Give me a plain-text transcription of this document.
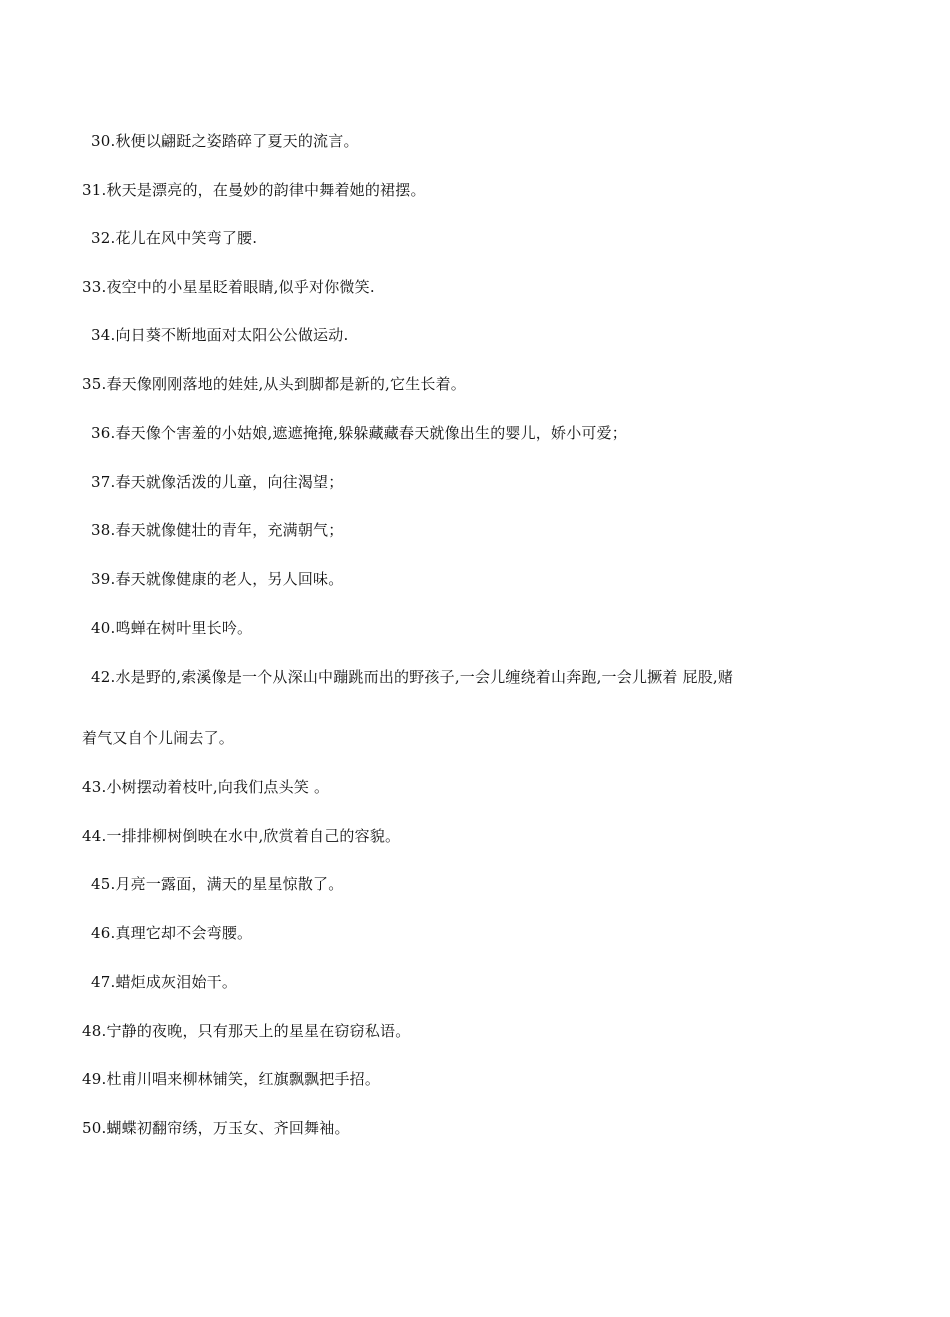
30.秋便以翩跹之姿踏碎了夏天的流言。
31.秋天是漂亮的，在曼妙的韵律中舞着她的裙摆。
32.花儿在风中笑弯了腰.
33.夜空中的小星星眨着眼睛,似乎对你微笑.
34.向日葵不断地面对太阳公公做运动.
35.春天像刚刚落地的娃娃,从头到脚都是新的,它生长着。
36.春天像个害羞的小姑娘,遮遮掩掩,躲躲藏藏春天就像出生的婴儿，娇小可爱；
37.春天就像活泼的儿童，向往渴望；
38.春天就像健壮的青年，充满朝气；
39.春天就像健康的老人，另人回味。
40.鸣蝉在树叶里长吟。
42.水是野的,索溪像是一个从深山中蹦跳而出的野孩子,一会儿缠绕着山奔跑,一会儿撅着 屁股,赌
着气又自个儿闹去了。
43.小树摆动着枝叶,向我们点头笑 。
44.一排排柳树倒映在水中,欣赏着自己的容貌。
45.月亮一露面，满天的星星惊散了。
46.真理它却不会弯腰。
47.蜡炬成灰泪始干。
48.宁静的夜晚，只有那天上的星星在窃窃私语。
49.杜甫川唱来柳林铺笑，红旗飘飘把手招。
50.蝴蝶初翻帘绣，万玉女、齐回舞袖。
